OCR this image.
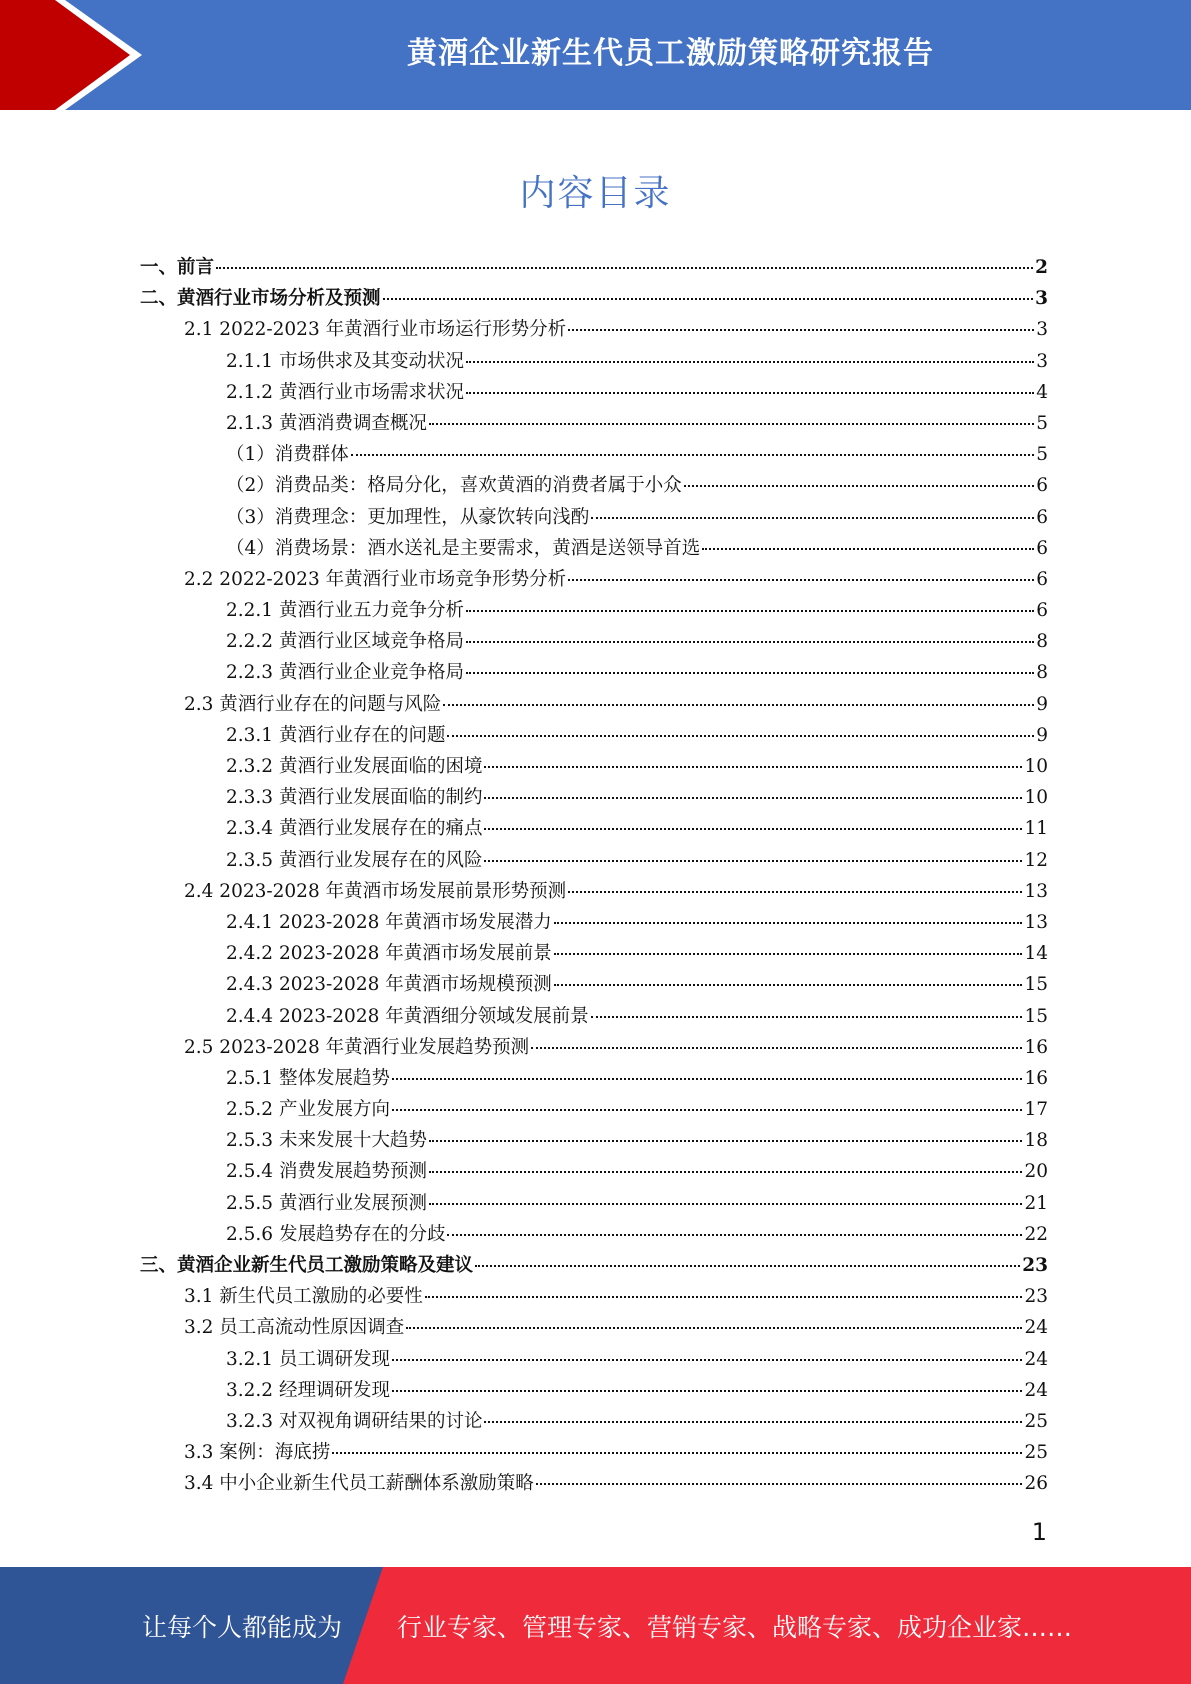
黄酒企业新生代员工激励策略研究报告
内容目录
一、前言	2
二、黄酒行业市场分析及预测	3
2.1 2022-2023 年黄酒行业市场运行形势分析	3
2.1.1 市场供求及其变动状况	3
2.1.2 黄酒行业市场需求状况	4
2.1.3 黄酒消费调查概况	5
（1）消费群体	5
（2）消费品类：格局分化，喜欢黄酒的消费者属于小众	6
（3）消费理念：更加理性，从豪饮转向浅酌	6
（4）消费场景：酒水送礼是主要需求，黄酒是送领导首选	6
2.2 2022-2023 年黄酒行业市场竞争形势分析	6
2.2.1 黄酒行业五力竞争分析	6
2.2.2 黄酒行业区域竞争格局	8
2.2.3 黄酒行业企业竞争格局	8
2.3 黄酒行业存在的问题与风险	9
2.3.1 黄酒行业存在的问题	9
2.3.2 黄酒行业发展面临的困境	10
2.3.3 黄酒行业发展面临的制约	10
2.3.4 黄酒行业发展存在的痛点	11
2.3.5 黄酒行业发展存在的风险	12
2.4 2023-2028 年黄酒市场发展前景形势预测	13
2.4.1 2023-2028 年黄酒市场发展潜力	13
2.4.2 2023-2028 年黄酒市场发展前景	14
2.4.3 2023-2028 年黄酒市场规模预测	15
2.4.4 2023-2028 年黄酒细分领域发展前景	15
2.5 2023-2028 年黄酒行业发展趋势预测	16
2.5.1 整体发展趋势	16
2.5.2 产业发展方向	17
2.5.3 未来发展十大趋势	18
2.5.4 消费发展趋势预测	20
2.5.5 黄酒行业发展预测	21
2.5.6 发展趋势存在的分歧	22
三、黄酒企业新生代员工激励策略及建议	23
3.1 新生代员工激励的必要性	23
3.2 员工高流动性原因调查	24
3.2.1 员工调研发现	24
3.2.2 经理调研发现	24
3.2.3 对双视角调研结果的讨论	25
3.3 案例：海底捞	25
3.4 中小企业新生代员工薪酬体系激励策略	26
1
让每个人都能成为 行业专家、管理专家、营销专家、战略专家、成功企业家……
